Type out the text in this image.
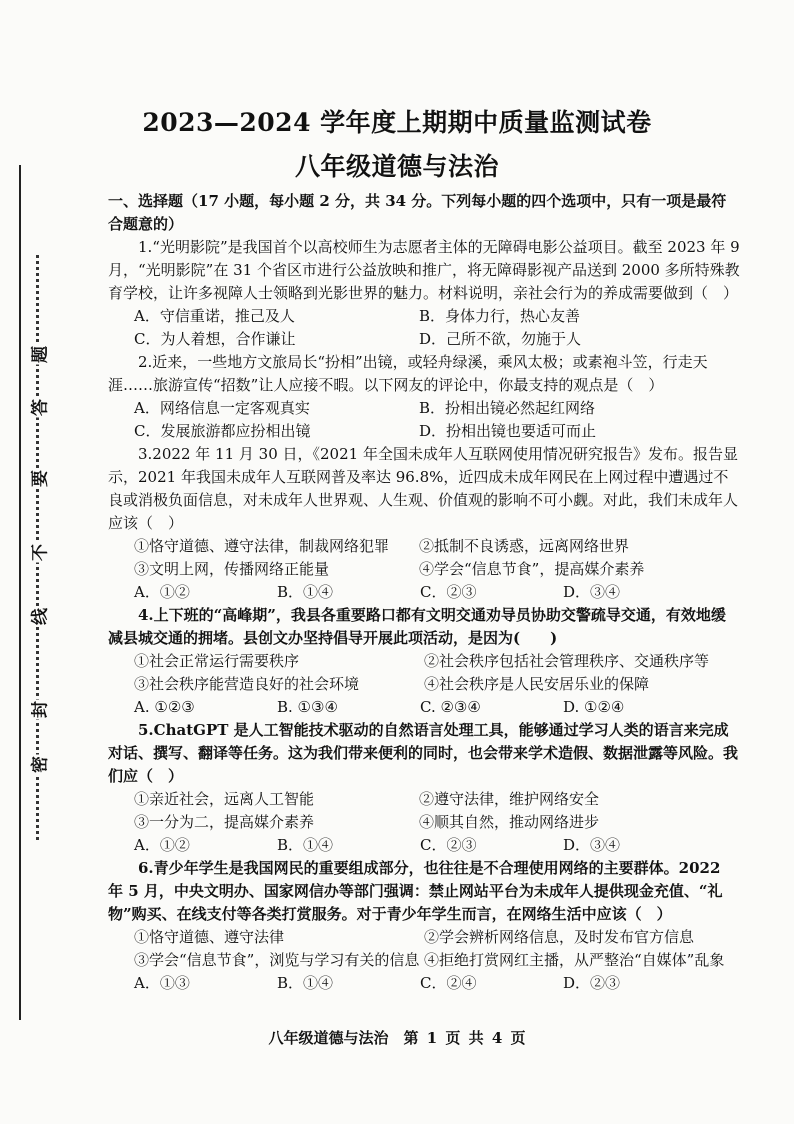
2023—2024 学年度上期期中质量监测试卷
八年级道德与法治
密
封
线
不
要
答
题
一、选择题（17 小题，每小题 2 分，共 34 分。下列每小题的四个选项中，只有一项是最符合题意的）

1.“光明影院”是我国首个以高校师生为志愿者主体的无障碍电影公益项目。截至 2023 年 9 月，“光明影院”在 31 个省区市进行公益放映和推广，将无障碍影视产品送到 2000 多所特殊教育学校，让许多视障人士领略到光影世界的魅力。材料说明，亲社会行为的养成需要做到（　）

A．守信重诺，推己及人	B．身体力行，热心友善
C．为人着想，合作谦让	D．己所不欲，勿施于人

2.近来，一些地方文旅局长“扮相”出镜，或轻舟绿溪，乘风太极；或素袍斗笠，行走天涯……旅游宣传“招数”让人应接不暇。以下网友的评论中，你最支持的观点是（　）

A．网络信息一定客观真实	B．扮相出镜必然起红网络
C．发展旅游都应扮相出镜	D．扮相出镜也要适可而止

3.2022 年 11 月 30 日，《2021 年全国未成年人互联网使用情况研究报告》发布。报告显示，2021 年我国未成年人互联网普及率达 96.8%，近四成未成年网民在上网过程中遭遇过不良或消极负面信息，对未成年人世界观、人生观、价值观的影响不可小觑。对此，我们未成年人应该（　）

①恪守道德、遵守法律，制裁网络犯罪	②抵制不良诱惑，远离网络世界
③文明上网，传播网络正能量	④学会“信息节食”，提高媒介素养
A．①②	B．①④	C．②③	D．③④

4.上下班的“高峰期”，我县各重要路口都有文明交通劝导员协助交警疏导交通，有效地缓减县城交通的拥堵。县创文办坚持倡导开展此项活动，是因为(　　)

①社会正常运行需要秩序	②社会秩序包括社会管理秩序、交通秩序等
③社会秩序能营造良好的社会环境	④社会秩序是人民安居乐业的保障
A. ①②③	B. ①③④	C. ②③④	D. ①②④

5.ChatGPT 是人工智能技术驱动的自然语言处理工具，能够通过学习人类的语言来完成对话、撰写、翻译等任务。这为我们带来便利的同时，也会带来学术造假、数据泄露等风险。我们应（　）

①亲近社会，远离人工智能	②遵守法律，维护网络安全
③一分为二，提高媒介素养	④顺其自然，推动网络进步
A．①②	B．①④	C．②③	D．③④

6.青少年学生是我国网民的重要组成部分，也往往是不合理使用网络的主要群体。2022 年 5 月，中央文明办、国家网信办等部门强调：禁止网站平台为未成年人提供现金充值、“礼物”购买、在线支付等各类打赏服务。对于青少年学生而言，在网络生活中应该（　）

①恪守道德、遵守法律	②学会辨析网络信息，及时发布官方信息
③学会“信息节食”，浏览与学习有关的信息 ④拒绝打赏网红主播，从严整治“自媒体”乱象
A．①③	B．①④	C．②④	D．②③
八年级道德与法治　第 1 页 共 4 页
